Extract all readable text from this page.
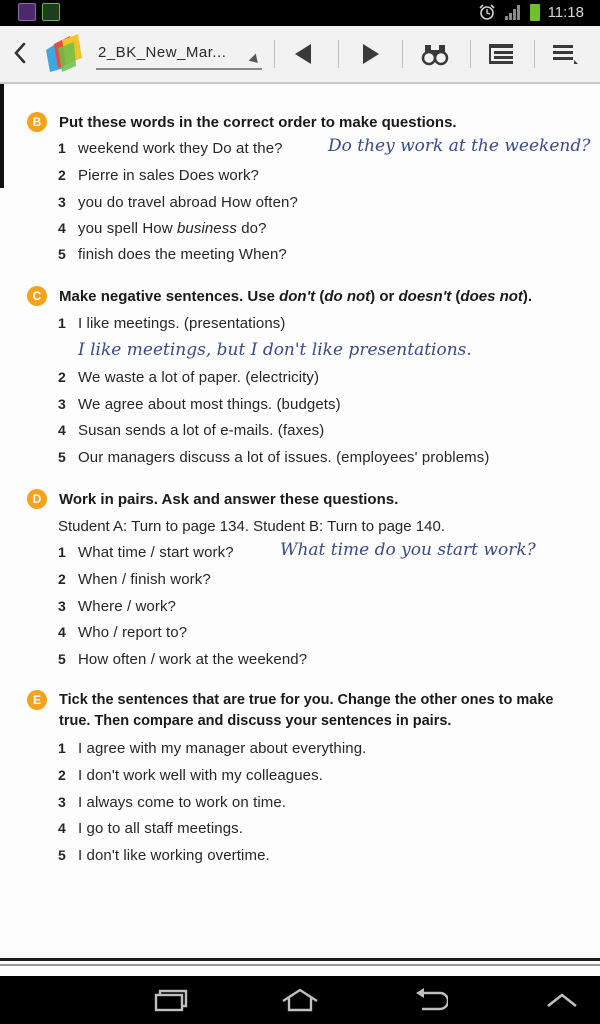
11:18
2_BK_New_Mar...
B	Put these words in the correct order to make questions.
1 weekend work they Do at the?	Do they work at the weekend?
2 Pierre in sales Does work?
3 you do travel abroad How often?
4 you spell How business do?
5 finish does the meeting When?
C	Make negative sentences. Use don't (do not) or doesn't (does not).
1 I like meetings. (presentations)
I like meetings, but I don't like presentations.
2 We waste a lot of paper. (electricity)
3 We agree about most things. (budgets)
4 Susan sends a lot of e-mails. (faxes)
5 Our managers discuss a lot of issues. (employees' problems)
D	Work in pairs. Ask and answer these questions.
Student A: Turn to page 134. Student B: Turn to page 140.
1 What time / start work?	What time do you start work?
2 When / finish work?
3 Where / work?
4 Who / report to?
5 How often / work at the weekend?
E	Tick the sentences that are true for you. Change the other ones to make
true. Then compare and discuss your sentences in pairs.
1 I agree with my manager about everything.
2 I don't work well with my colleagues.
3 I always come to work on time.
4 I go to all staff meetings.
5 I don't like working overtime.
